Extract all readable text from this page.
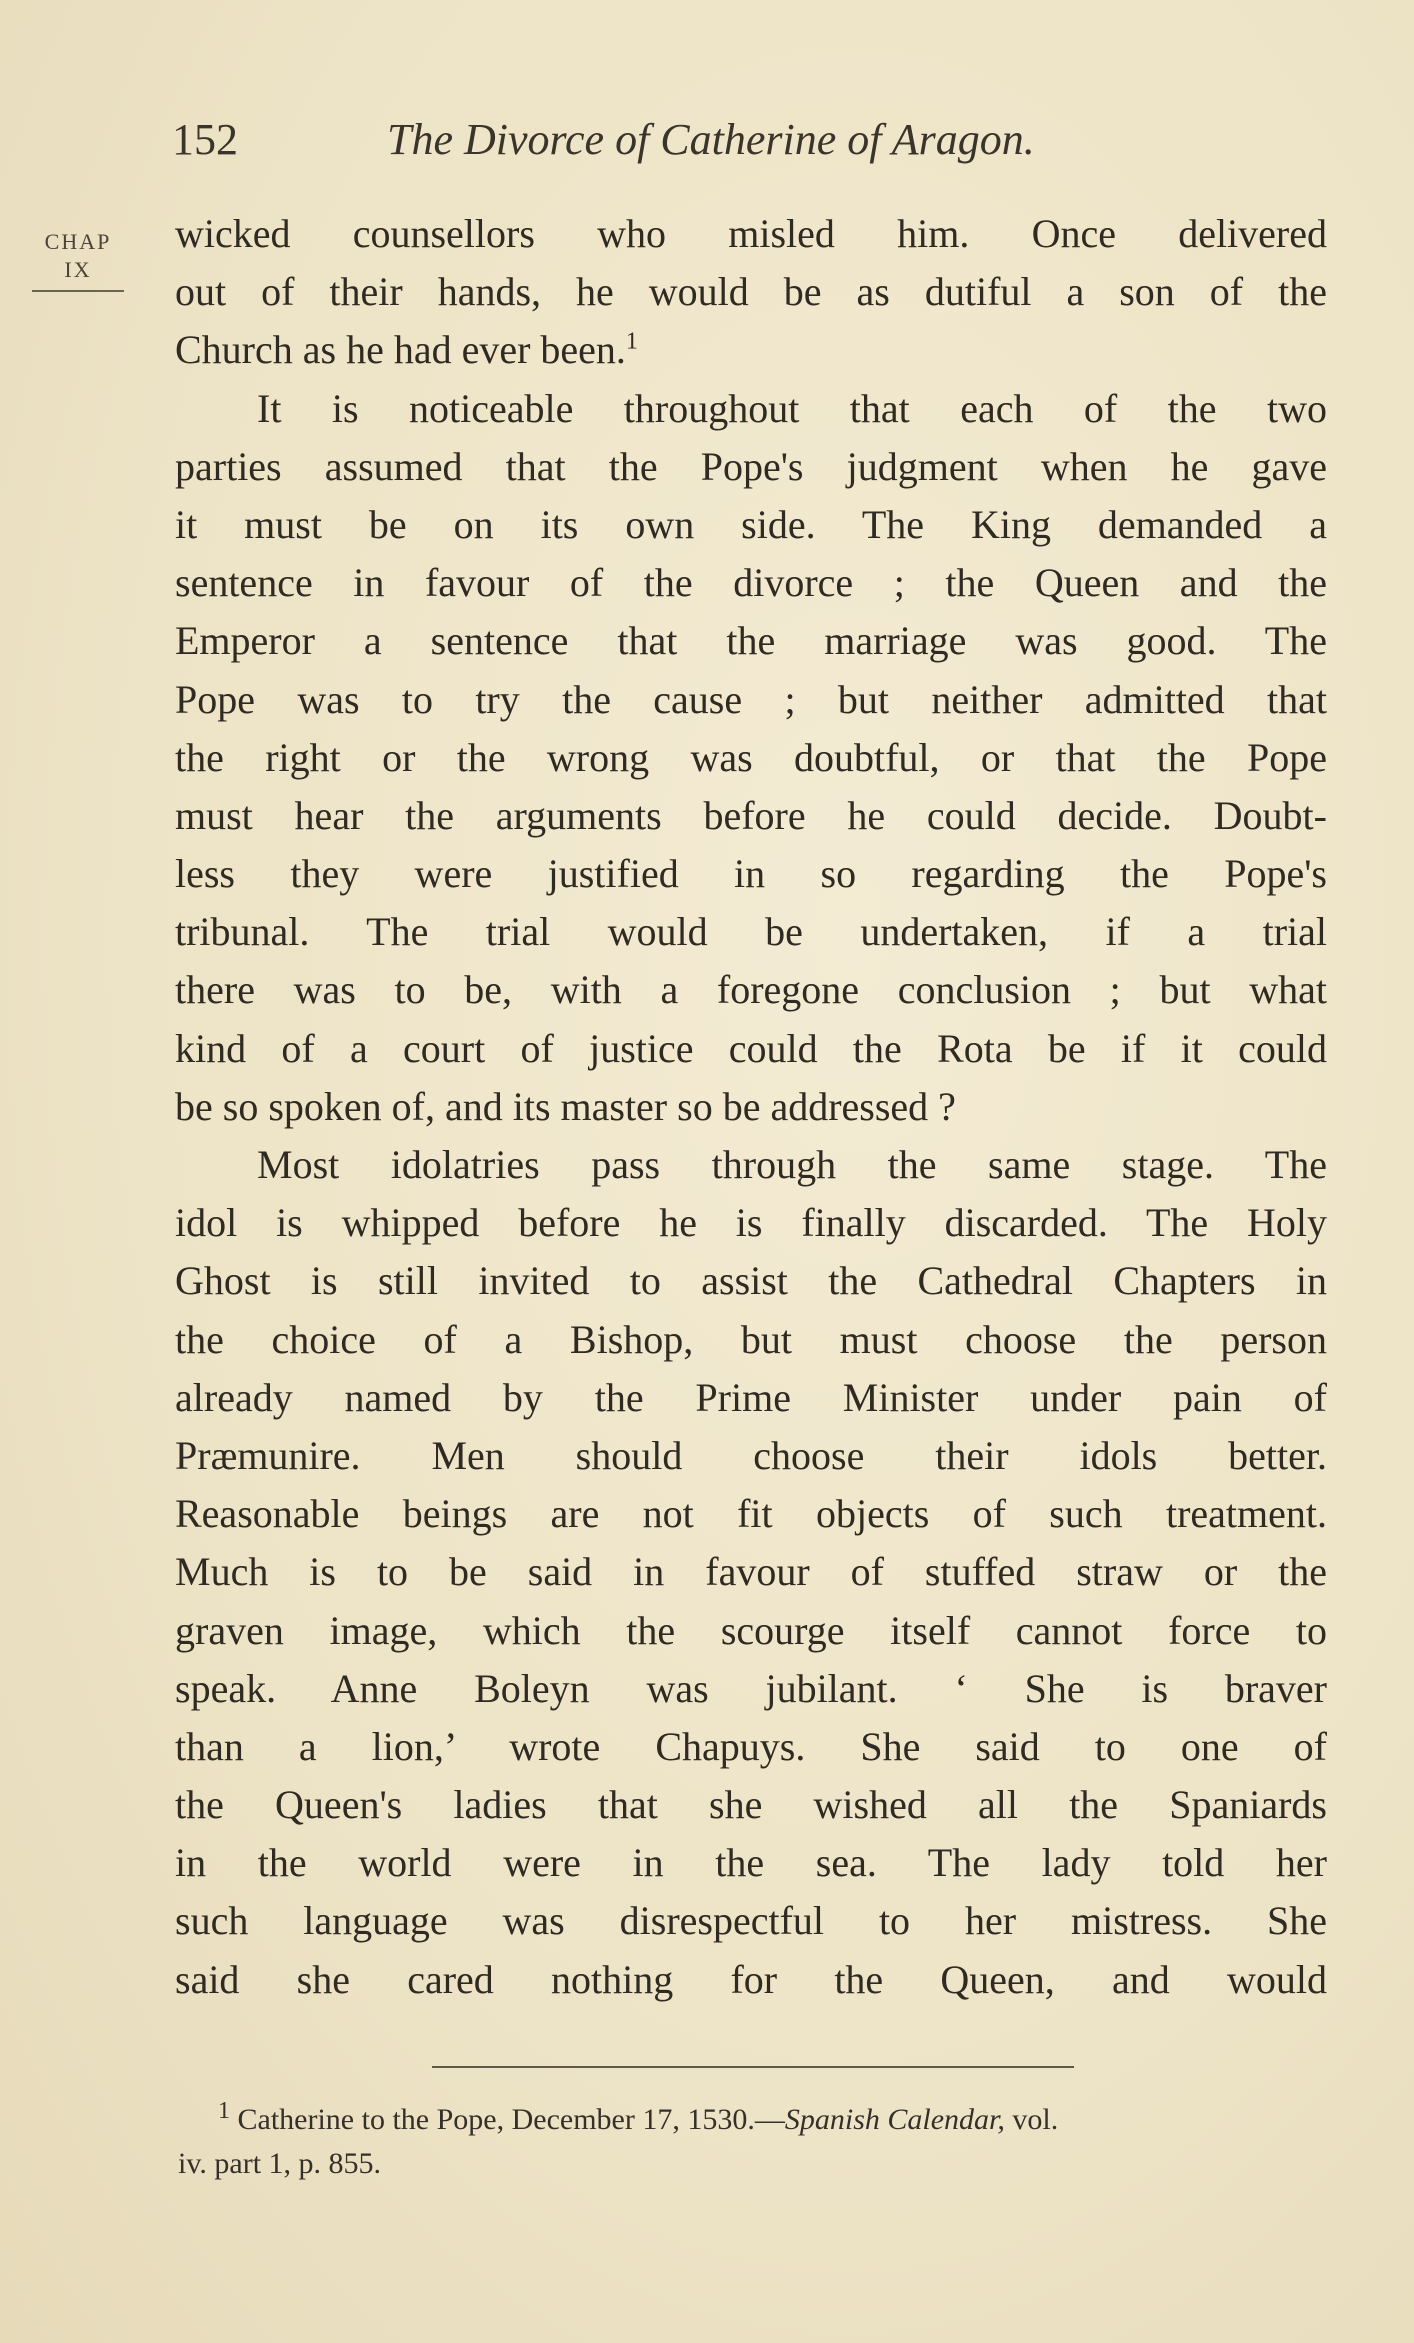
152	The Divorce of Catherine of Aragon.
CHAP
IX
wicked counsellors who misled him. Once delivered
out of their hands, he would be as dutiful a son of the
Church as he had ever been.$^1$
It is noticeable throughout that each of the two
parties assumed that the Pope's judgment when he gave
it must be on its own side. The King demanded a
sentence in favour of the divorce ; the Queen and the
Emperor a sentence that the marriage was good. The
Pope was to try the cause ; but neither admitted that
the right or the wrong was doubtful, or that the Pope
must hear the arguments before he could decide. Doubt-
less they were justified in so regarding the Pope's
tribunal. The trial would be undertaken, if a trial
there was to be, with a foregone conclusion ; but what
kind of a court of justice could the Rota be if it could
be so spoken of, and its master so be addressed ?
Most idolatries pass through the same stage. The
idol is whipped before he is finally discarded. The Holy
Ghost is still invited to assist the Cathedral Chapters in
the choice of a Bishop, but must choose the person
already named by the Prime Minister under pain of
Præmunire. Men should choose their idols better.
Reasonable beings are not fit objects of such treatment.
Much is to be said in favour of stuffed straw or the
graven image, which the scourge itself cannot force to
speak. Anne Boleyn was jubilant. ‘ She is braver
than a lion,’ wrote Chapuys. She said to one of
the Queen's ladies that she wished all the Spaniards
in the world were in the sea. The lady told her
such language was disrespectful to her mistress. She
said she cared nothing for the Queen, and would
$^1$ Catherine to the Pope, December 17, 1530.—Spanish Calendar, vol.
iv. part 1, p. 855.
